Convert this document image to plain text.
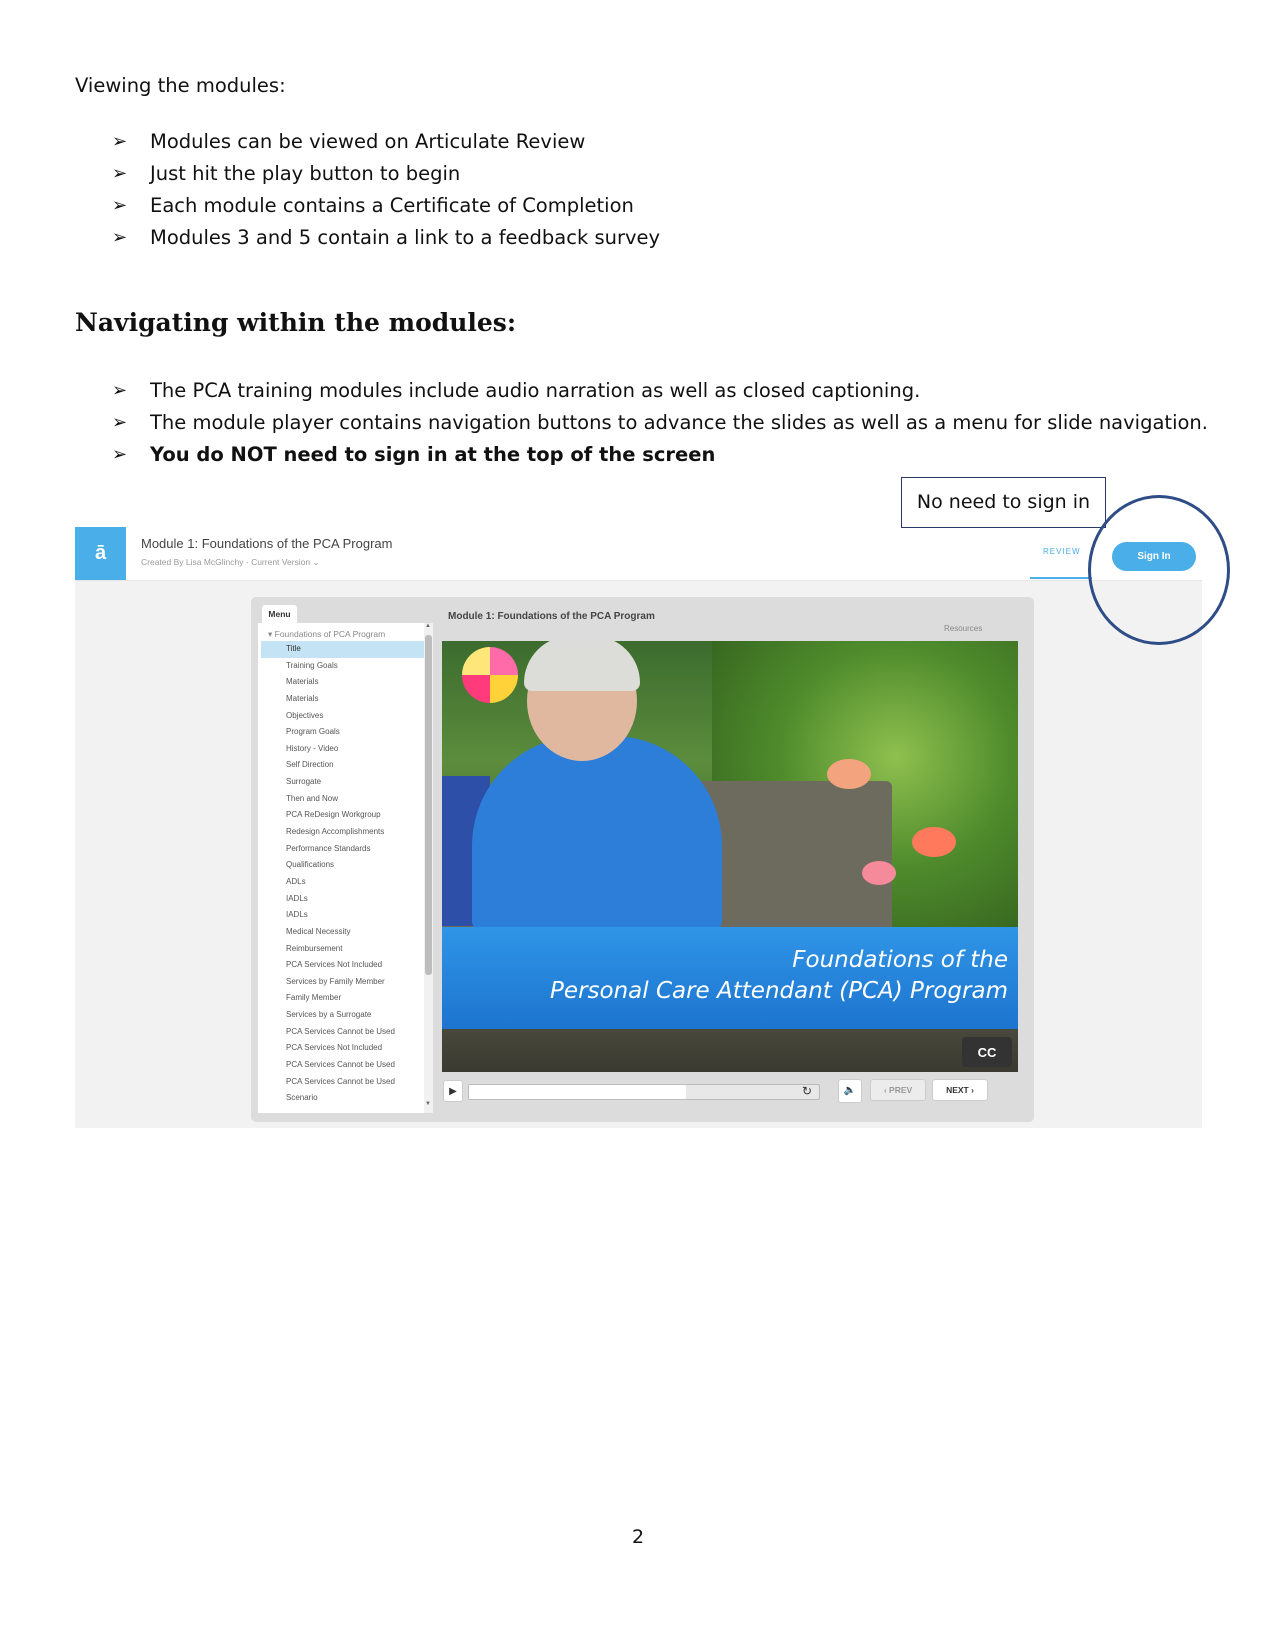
Viewing the modules:
➢ Modules can be viewed on Articulate Review
➢ Just hit the play button to begin
➢ Each module contains a Certificate of Completion
➢ Modules 3 and 5 contain a link to a feedback survey
Navigating within the modules:
➢ The PCA training modules include audio narration as well as closed captioning.
➢ The module player contains navigation buttons to advance the slides as well as a menu for slide navigation.
➢ You do NOT need to sign in at the top of the screen
ā	Module 1: Foundations of the PCA Program
Created By Lisa McGlinchy · Current Version ⌄
REVIEW	Sign In
Menu
▾ Foundations of PCA Program
Title
Training Goals
Materials
Materials
Objectives
Program Goals
History - Video
Self Direction
Surrogate
Then and Now
PCA ReDesign Workgroup
Redesign Accomplishments
Performance Standards
Qualifications
ADLs
IADLs
IADLs
Medical Necessity
Reimbursement
PCA Services Not Included
Services by Family Member
Family Member
Services by a Surrogate
PCA Services Cannot be Used
PCA Services Not Included
PCA Services Cannot be Used
PCA Services Cannot be Used
Scenario
▲
▼
Module 1: Foundations of the PCA Program
Resources
Foundations of the
Personal Care Attendant (PCA) Program
CC
▶	↻	🔈	‹ PREV	NEXT ›
No need to sign in
2
